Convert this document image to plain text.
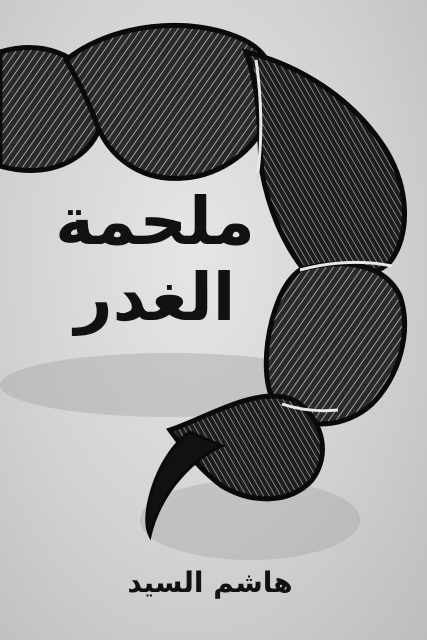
ملحمة
الغدر
هاشم السيد
